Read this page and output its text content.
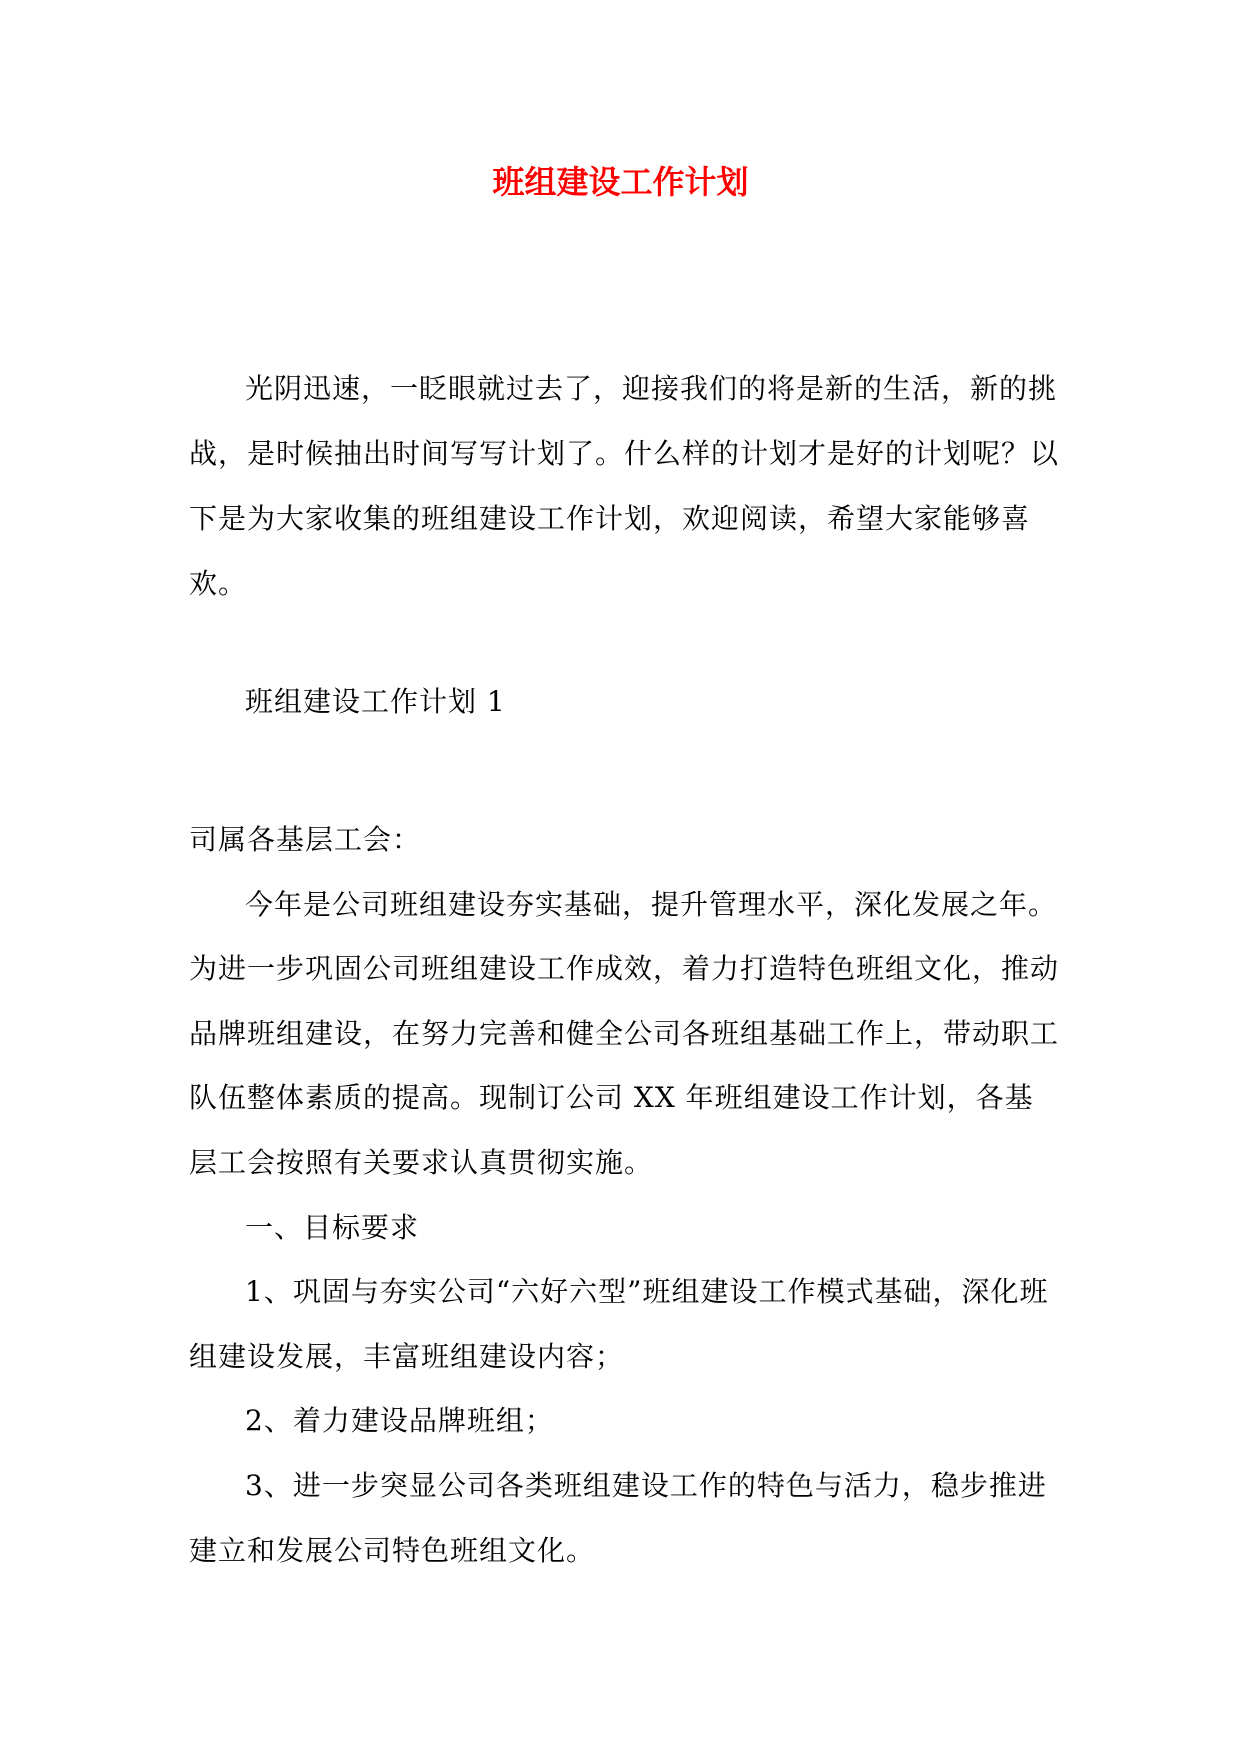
班组建设工作计划

光阴迅速，一眨眼就过去了，迎接我们的将是新的生活，新的挑战，是时候抽出时间写写计划了。什么样的计划才是好的计划呢？以下是为大家收集的班组建设工作计划，欢迎阅读，希望大家能够喜欢。

班组建设工作计划 1

司属各基层工会：

今年是公司班组建设夯实基础，提升管理水平，深化发展之年。为进一步巩固公司班组建设工作成效，着力打造特色班组文化，推动品牌班组建设，在努力完善和健全公司各班组基础工作上，带动职工队伍整体素质的提高。现制订公司 XX 年班组建设工作计划，各基层工会按照有关要求认真贯彻实施。

一、目标要求

1、巩固与夯实公司“六好六型”班组建设工作模式基础，深化班组建设发展，丰富班组建设内容；

2、着力建设品牌班组；

3、进一步突显公司各类班组建设工作的特色与活力，稳步推进建立和发展公司特色班组文化。
